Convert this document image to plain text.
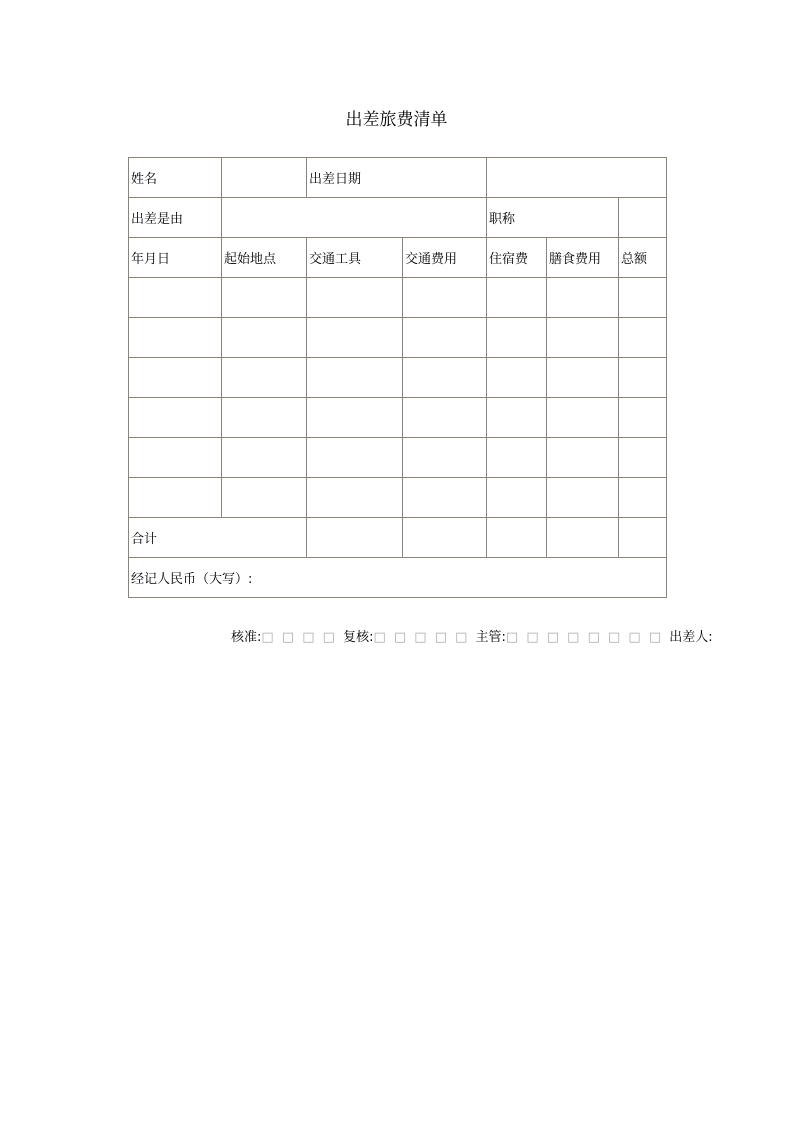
出差旅费清单
姓名		出差日期				
出差是由				职称		
年月日	起始地点	交通工具	交通费用	住宿费	膳食费用	总额

合计						
经记人民币（大写）:						
核准:□ □ □ □ 复核:□ □ □ □ □ 主管:□ □ □ □ □ □ □ □ 出差人:
